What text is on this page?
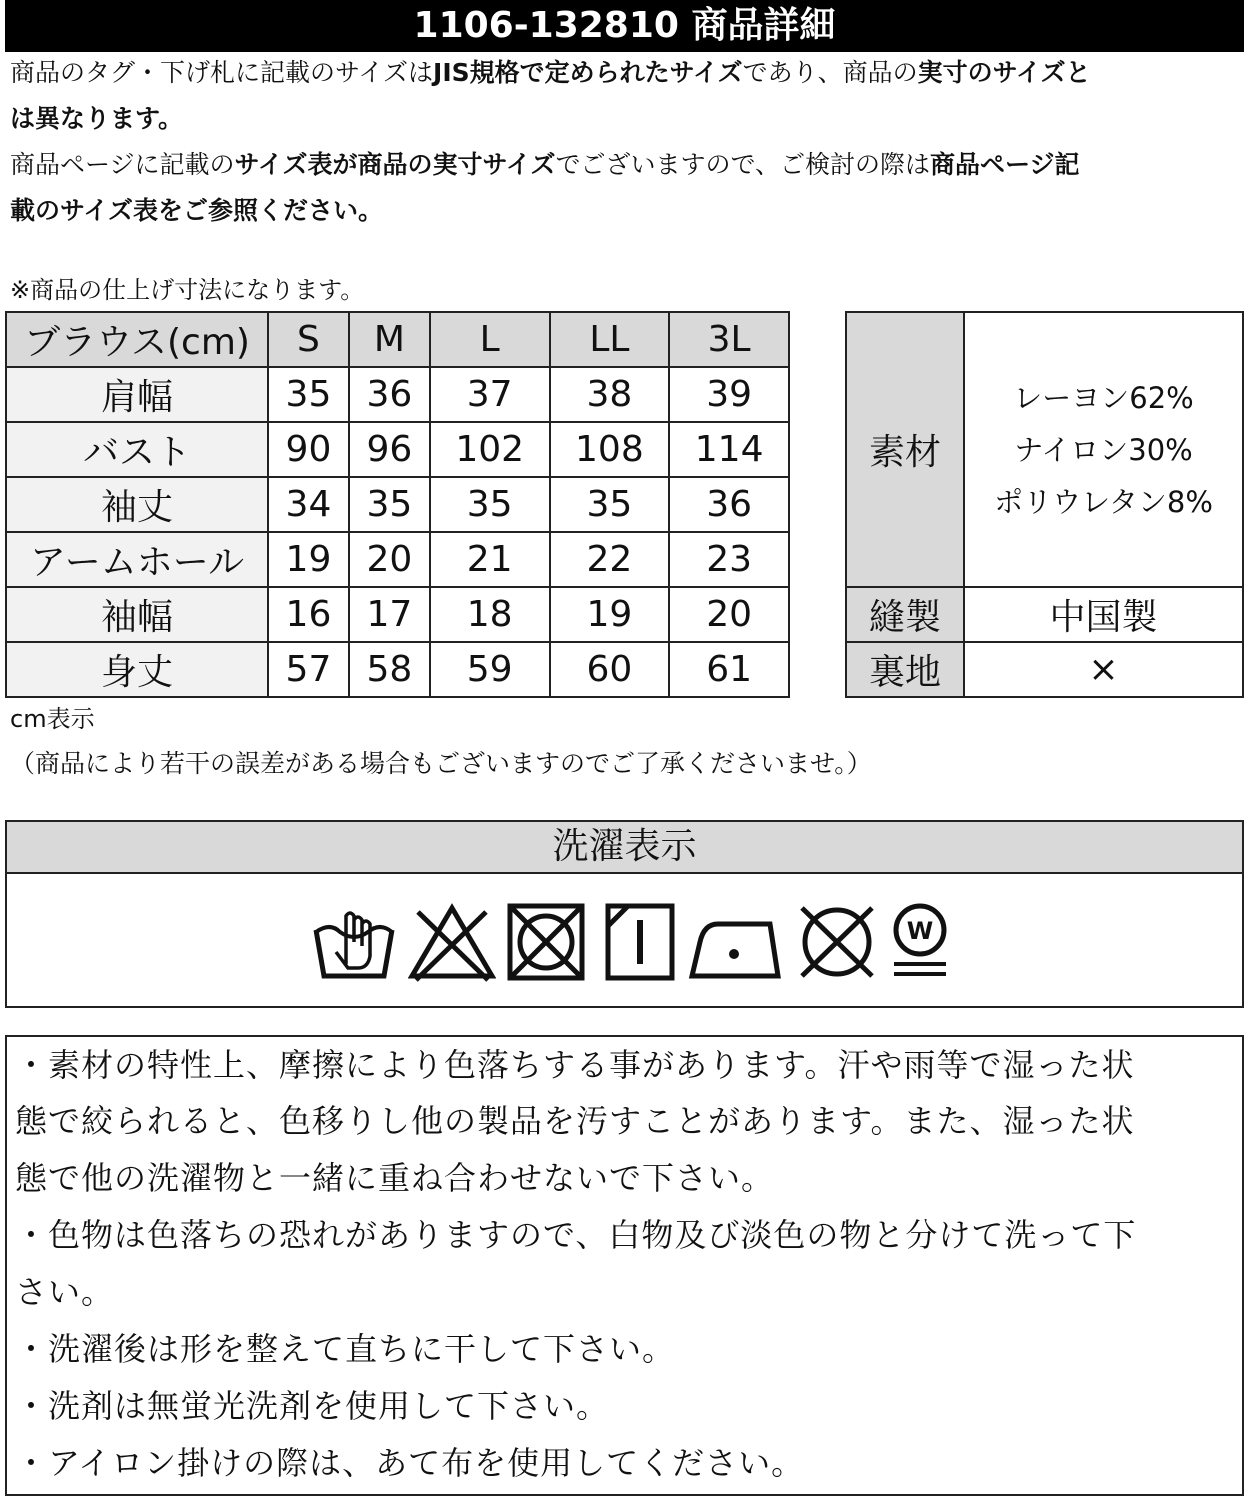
1106-132810 商品詳細
商品のタグ・下げ札に記載のサイズはJIS規格で定められたサイズであり、商品の実寸のサイズと
は異なります。
商品ページに記載のサイズ表が商品の実寸サイズでございますので、ご検討の際は商品ページ記
載のサイズ表をご参照ください。
※商品の仕上げ寸法になります。
ブラウス(cm)	S	M	L	LL	3L
肩幅	35	36	37	38	39
バスト	90	96	102	108	114
袖丈	34	35	35	35	36
アームホール	19	20	21	22	23
袖幅	16	17	18	19	20
身丈	57	58	59	60	61
素材	レーヨン62%
ナイロン30%
ポリウレタン8%

縫製	中国製
裏地	×
cm表示
（商品により若干の誤差がある場合もございますのでご了承くださいませ。）
洗濯表示
W
・素材の特性上、摩擦により色落ちする事があります。汗や雨等で湿った状
態で絞られると、色移りし他の製品を汚すことがあります。また、湿った状
態で他の洗濯物と一緒に重ね合わせないで下さい。
・色物は色落ちの恐れがありますので、白物及び淡色の物と分けて洗って下
さい。
・洗濯後は形を整えて直ちに干して下さい。
・洗剤は無蛍光洗剤を使用して下さい。
・アイロン掛けの際は、あて布を使用してください。
